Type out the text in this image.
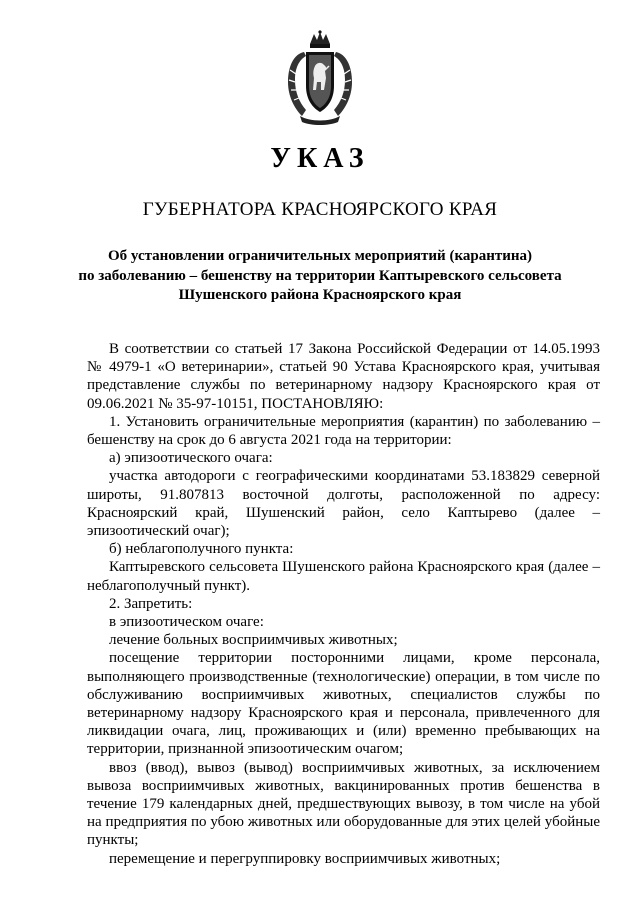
УКАЗ
ГУБЕРНАТОРА КРАСНОЯРСКОГО КРАЯ
Об установлении ограничительных мероприятий (карантина)
по заболеванию – бешенству на территории Каптыревского сельсовета
Шушенского района Красноярского края

В соответствии со статьей 17 Закона Российской Федерации от 14.05.1993 № 4979-1 «О ветеринарии», статьей 90 Устава Красноярского края, учитывая представление службы по ветеринарному надзору Красноярского края от 09.06.2021 № 35-97-10151, ПОСТАНОВЛЯЮ:

1. Установить ограничительные мероприятия (карантин) по заболеванию – бешенству на срок до 6 августа 2021 года на территории:

а) эпизоотического очага:

участка автодороги с географическими координатами 53.183829 северной широты, 91.807813 восточной долготы, расположенной по адресу: Красноярский край, Шушенский район, село Каптырево (далее – эпизоотический очаг);

б) неблагополучного пункта:

Каптыревского сельсовета Шушенского района Красноярского края (далее – неблагополучный пункт).

2. Запретить:

в эпизоотическом очаге:

лечение больных восприимчивых животных;

посещение территории посторонними лицами, кроме персонала, выполняющего производственные (технологические) операции, в том числе по обслуживанию восприимчивых животных, специалистов службы по ветеринарному надзору Красноярского края и персонала, привлеченного для ликвидации очага, лиц, проживающих и (или) временно пребывающих на территории, признанной эпизоотическим очагом;

ввоз (ввод), вывоз (вывод) восприимчивых животных, за исключением вывоза восприимчивых животных, вакцинированных против бешенства в течение 179 календарных дней, предшествующих вывозу, в том числе на убой на предприятия по убою животных или оборудованные для этих целей убойные пункты;

перемещение и перегруппировку восприимчивых животных;
